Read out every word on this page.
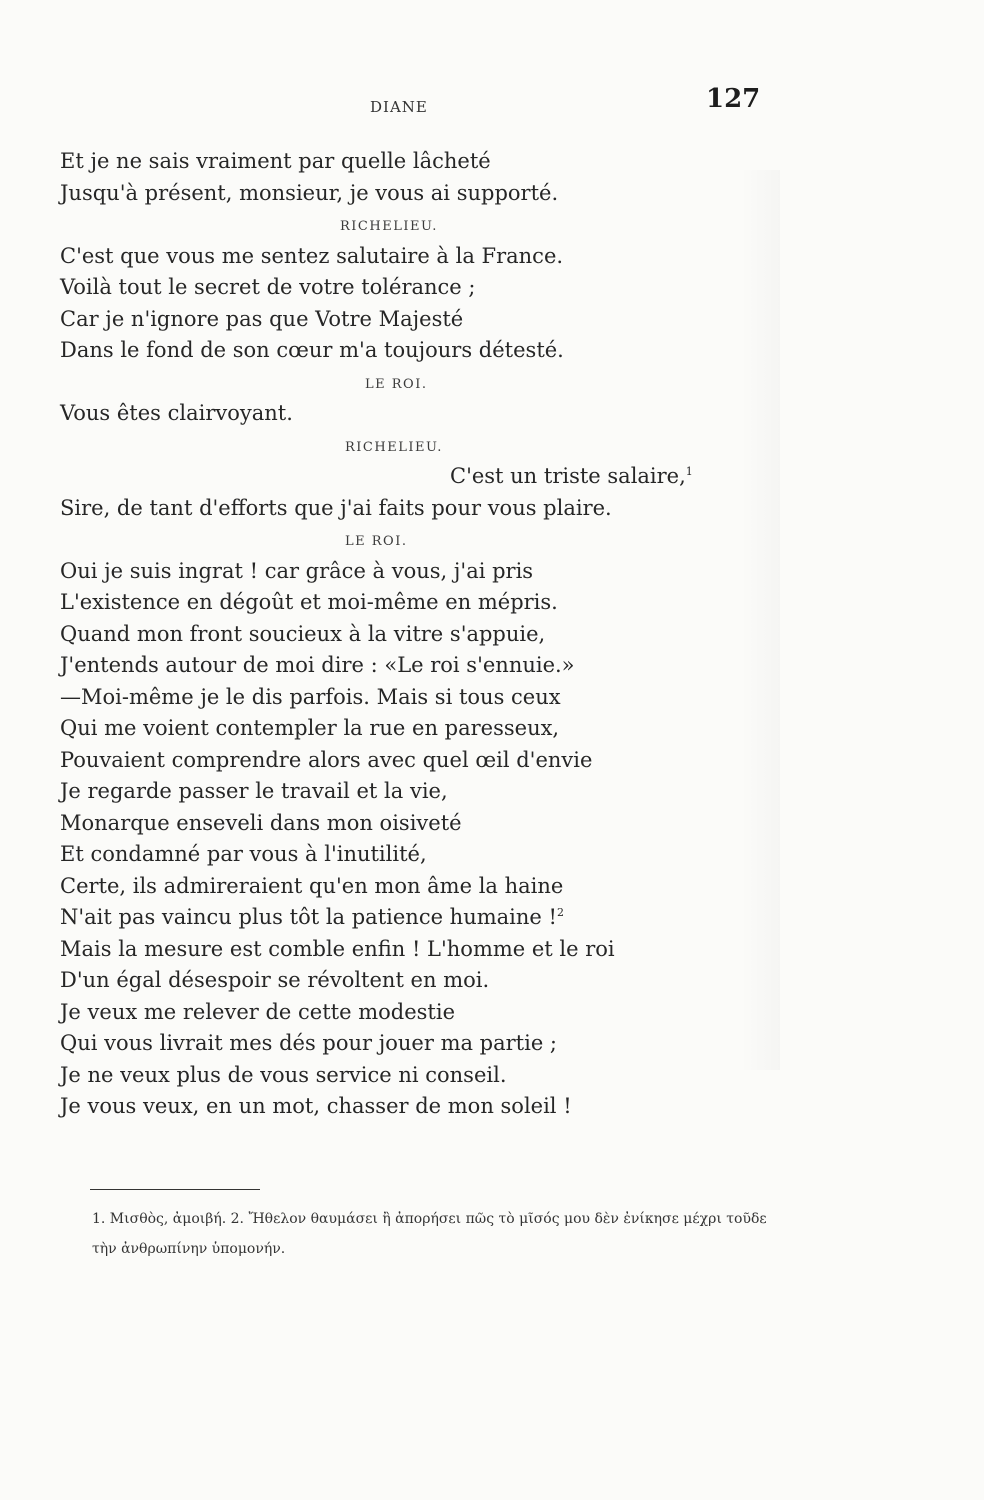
DIANE	127
Et je ne sais vraiment par quelle lâcheté
Jusqu'à présent, monsieur, je vous ai supporté.
RICHELIEU.
C'est que vous me sentez salutaire à la France.
Voilà tout le secret de votre tolérance ;
Car je n'ignore pas que Votre Majesté
Dans le fond de son cœur m'a toujours détesté.
LE ROI.
Vous êtes clairvoyant.
RICHELIEU.
C'est un triste salaire,$^1$
Sire, de tant d'efforts que j'ai faits pour vous plaire.
LE ROI.
Oui je suis ingrat ! car grâce à vous, j'ai pris
L'existence en dégoût et moi-même en mépris.
Quand mon front soucieux à la vitre s'appuie,
J'entends autour de moi dire : «Le roi s'ennuie.»
—Moi-même je le dis parfois. Mais si tous ceux
Qui me voient contempler la rue en paresseux,
Pouvaient comprendre alors avec quel œil d'envie
Je regarde passer le travail et la vie,
Monarque enseveli dans mon oisiveté
Et condamné par vous à l'inutilité,
Certe, ils admireraient qu'en mon âme la haine
N'ait pas vaincu plus tôt la patience humaine !$^2$
Mais la mesure est comble enfin ! L'homme et le roi
D'un égal désespoir se révoltent en moi.
Je veux me relever de cette modestie
Qui vous livrait mes dés pour jouer ma partie ;
Je ne veux plus de vous service ni conseil.
Je vous veux, en un mot, chasser de mon soleil !
1. Μισθὸς, ἀμοιβή. 2. Ἤθελον θαυμάσει ἢ ἀπορήσει πῶς τὸ μῖσός μου δὲν ἐνίκησε μέχρι τοῦδε
τὴν ἀνθρωπίνην ὑπομονήν.
